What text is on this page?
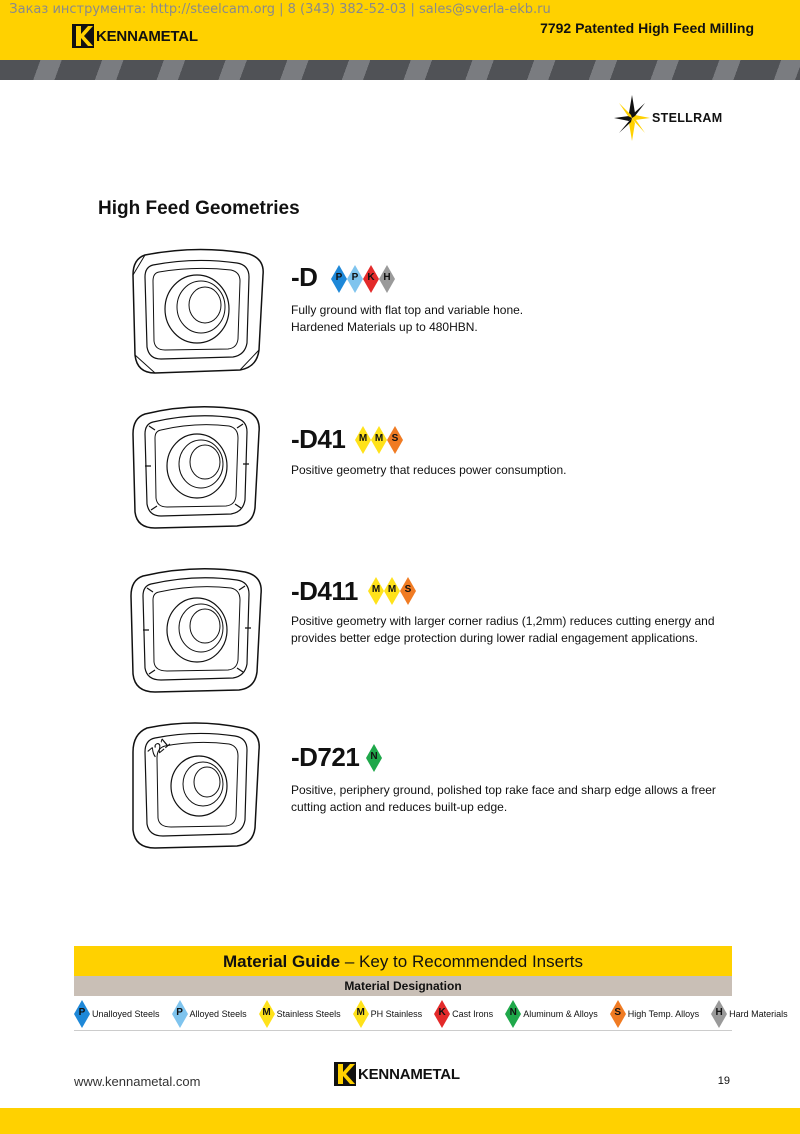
Заказ инструмента: http://steelcam.org | 8 (343) 382-52-03 | sales@sverla-ekb.ru
KENNAMETAL	7792 Patented High Feed Milling
STELLRAM
High Feed Geometries
721
-D	P P K H
Fully ground with flat top and variable hone.
Hardened Materials up to 480HBN.
-D41	M M S
Positive geometry that reduces power consumption.
-D411	M M S
Positive geometry with larger corner radius (1,2mm) reduces cutting energy and
provides better edge protection during lower radial engagement applications.
-D721	N
Positive, periphery ground, polished top rake face and sharp edge allows a freer
cutting action and reduces built-up edge.
Material Guide – Key to Recommended Inserts
Material Designation
P Unalloyed Steels	P Alloyed Steels	M Stainless Steels	M PH Stainless	K Cast Irons	N Aluminum & Alloys	S High Temp. Alloys	H Hard Materials
www.kennametal.com	KENNAMETAL	19
